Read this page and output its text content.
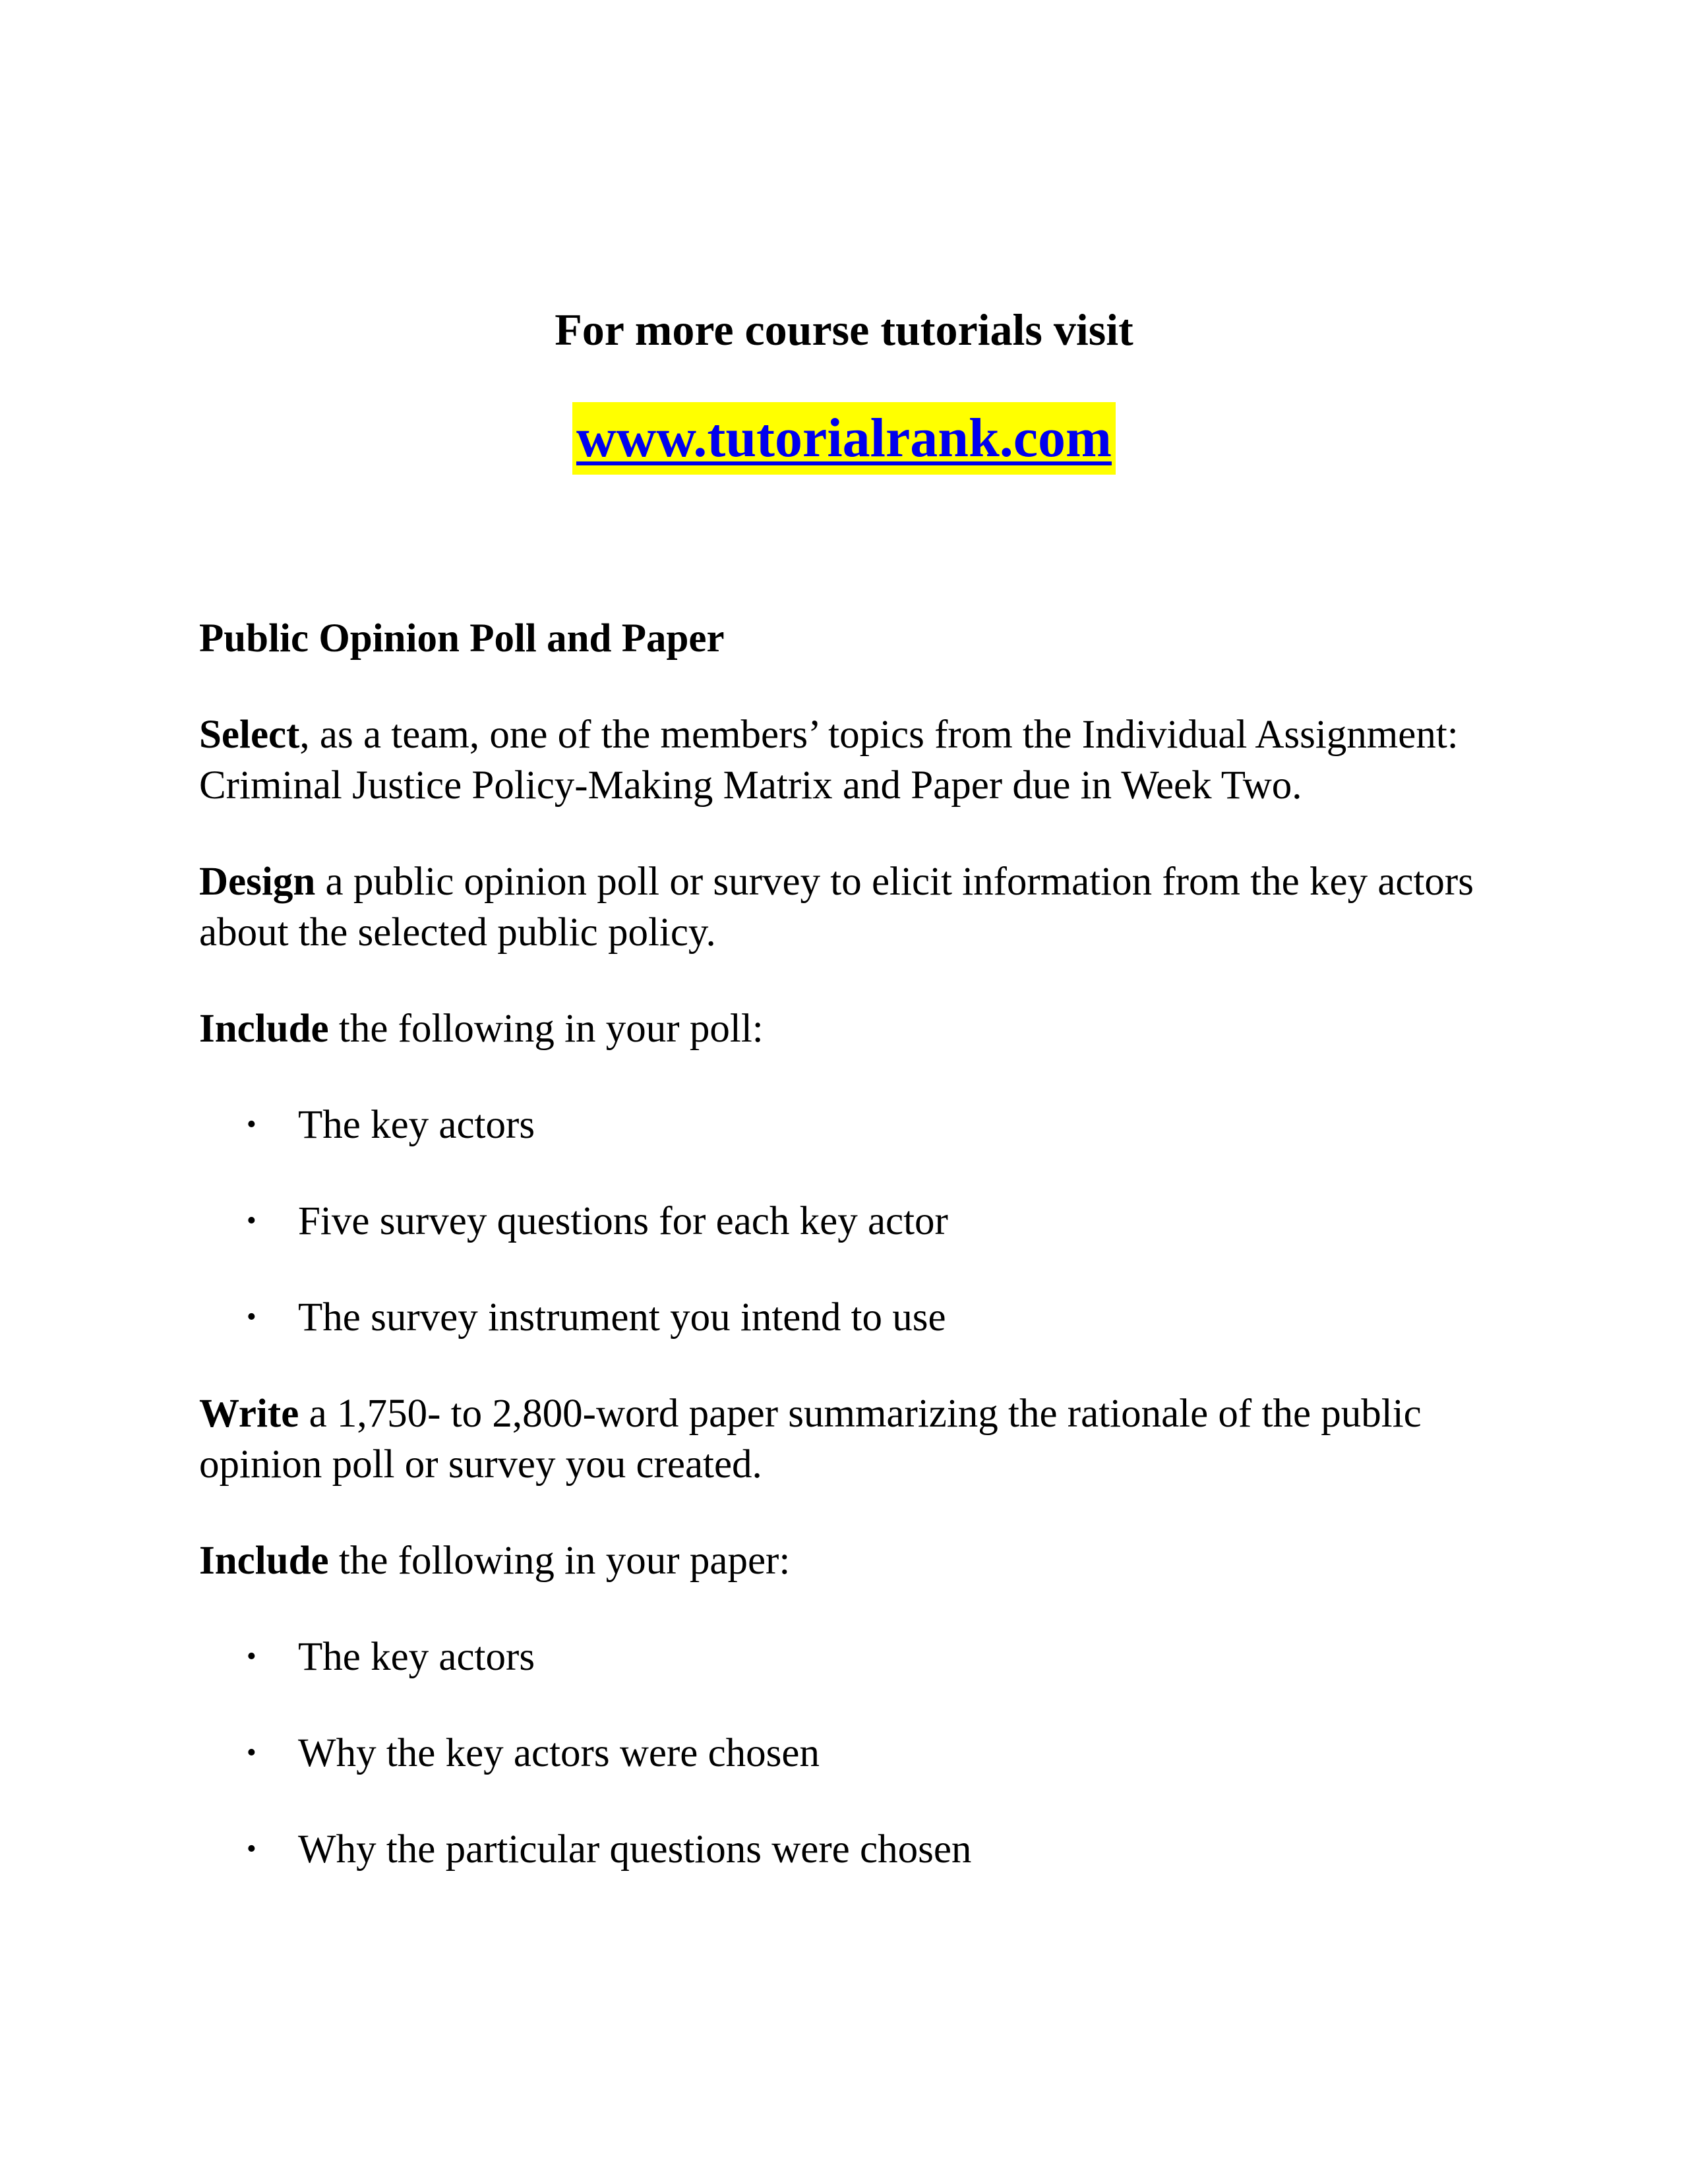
For more course tutorials visit
www.tutorialrank.com
Public Opinion Poll and Paper

Select, as a team, one of the members’ topics from the Individual Assignment: Criminal Justice Policy-Making Matrix and Paper due in Week Two.

Design a public opinion poll or survey to elicit information from the key actors about the selected public policy.

Include the following in your poll:

• The key actors
• Five survey questions for each key actor
• The survey instrument you intend to use

Write a 1,750- to 2,800-word paper summarizing the rationale of the public opinion poll or survey you created.

Include the following in your paper:

• The key actors
• Why the key actors were chosen
• Why the particular questions were chosen
